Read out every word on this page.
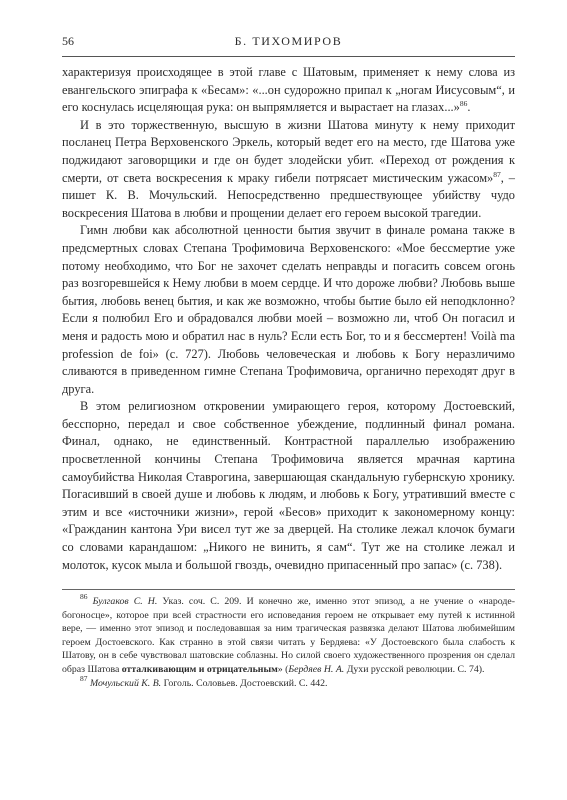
56	Б. ТИХОМИРОВ

характеризуя происходящее в этой главе с Шатовым, применяет к нему слова из евангельского эпиграфа к «Бесам»: «...он судорожно припал к „ногам Иисусовым“, и его коснулась исцеляющая рука: он выпрямляется и вырастает на глазах...»$^{86}$.

И в это торжественную, высшую в жизни Шатова минуту к нему приходит посланец Петра Верховенского Эркель, который ведет его на место, где Шатова уже поджидают заговорщики и где он будет злодейски убит. «Переход от рождения к смерти, от света воскресения к мраку гибели потрясает мистическим ужасом»$^{87}$, – пишет К. В. Мочульский. Непосредственно предшествующее убийству чудо воскресения Шатова в любви и прощении делает его героем высокой трагедии.

Гимн любви как абсолютной ценности бытия звучит в финале романа также в предсмертных словах Степана Трофимовича Верховенского: «Мое бессмертие уже потому необходимо, что Бог не захочет сделать неправды и погасить совсем огонь раз возгоревшейся к Нему любви в моем сердце. И что дороже любви? Любовь выше бытия, любовь венец бытия, и как же возможно, чтобы бытие было ей неподклонно? Если я полюбил Его и обрадовался любви моей – возможно ли, чтоб Он погасил и меня и радость мою и обратил нас в нуль? Если есть Бог, то и я бессмертен! Voilà ma profession de foi» (с. 727). Любовь человеческая и любовь к Богу неразличимо сливаются в приведенном гимне Степана Трофимовича, органично переходят друг в друга.

В этом религиозном откровении умирающего героя, которому Достоевский, бесспорно, передал и свое собственное убеждение, подлинный финал романа. Финал, однако, не единственный. Контрастной параллелью изображению просветленной кончины Степана Трофимовича является мрачная картина самоубийства Николая Ставрогина, завершающая скандальную губернскую хронику. Погасивший в своей душе и любовь к людям, и любовь к Богу, утративший вместе с этим и все «источники жизни», герой «Бесов» приходит к закономерному концу: «Гражданин кантона Ури висел тут же за дверцей. На столике лежал клочок бумаги со словами карандашом: „Никого не винить, я сам“. Тут же на столике лежал и молоток, кусок мыла и большой гвоздь, очевидно припасенный про запас» (с. 738).

$^{86}$ Булгаков С. Н. Указ. соч. С. 209. И конечно же, именно этот эпизод, а не учение о «народе-богоносце», которое при всей страстности его исповедания героем не открывает ему путей к истинной вере, — именно этот эпизод и последовавшая за ним трагическая развязка делают Шатова любимейшим героем Достоевского. Как странно в этой связи читать у Бердяева: «У Достоевского была слабость к Шатову, он в себе чувствовал шатовские соблазны. Но силой своего художественного прозрения он сделал образ Шатова отталкивающим и отрицательным» (Бердяев Н. А. Духи русской революции. С. 74).

$^{87}$ Мочульский К. В. Гоголь. Соловьев. Достоевский. С. 442.
